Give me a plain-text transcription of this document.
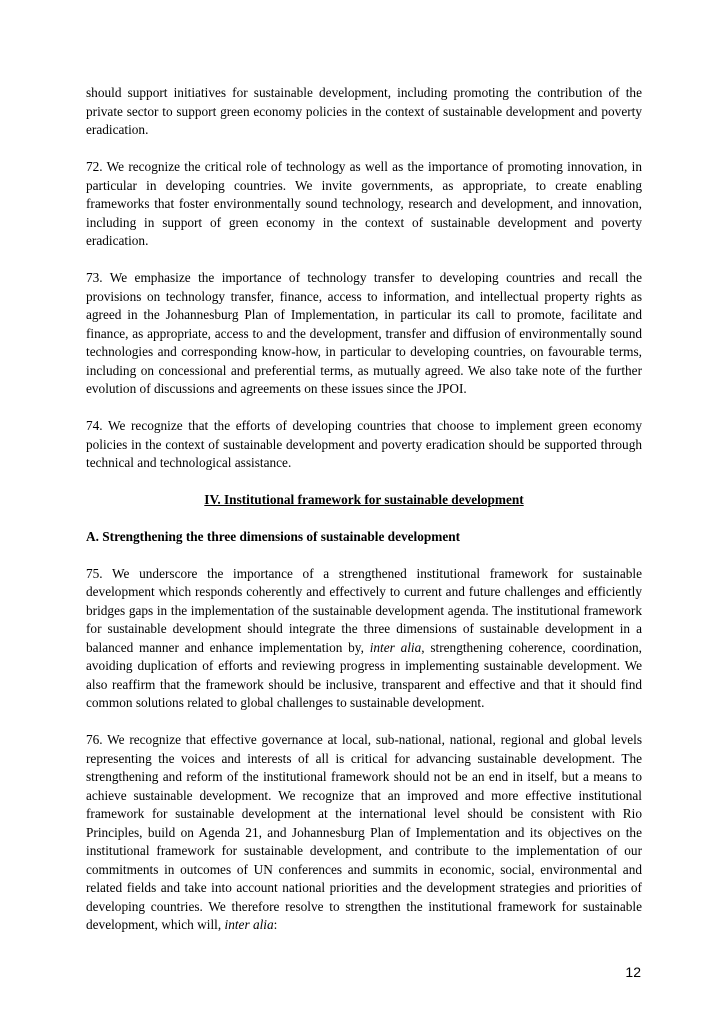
should support initiatives for sustainable development, including promoting the contribution of the private sector to support green economy policies in the context of sustainable development and poverty eradication.

72. We recognize the critical role of technology as well as the importance of promoting innovation, in particular in developing countries. We invite governments, as appropriate, to create enabling frameworks that foster environmentally sound technology, research and development, and innovation, including in support of green economy in the context of sustainable development and poverty eradication.

73. We emphasize the importance of technology transfer to developing countries and recall the provisions on technology transfer, finance, access to information, and intellectual property rights as agreed in the Johannesburg Plan of Implementation, in particular its call to promote, facilitate and finance, as appropriate, access to and the development, transfer and diffusion of environmentally sound technologies and corresponding know-how, in particular to developing countries, on favourable terms, including on concessional and preferential terms, as mutually agreed. We also take note of the further evolution of discussions and agreements on these issues since the JPOI.

74. We recognize that the efforts of developing countries that choose to implement green economy policies in the context of sustainable development and poverty eradication should be supported through technical and technological assistance.

IV. Institutional framework for sustainable development
A. Strengthening the three dimensions of sustainable development

75. We underscore the importance of a strengthened institutional framework for sustainable development which responds coherently and effectively to current and future challenges and efficiently bridges gaps in the implementation of the sustainable development agenda. The institutional framework for sustainable development should integrate the three dimensions of sustainable development in a balanced manner and enhance implementation by, inter alia, strengthening coherence, coordination, avoiding duplication of efforts and reviewing progress in implementing sustainable development. We also reaffirm that the framework should be inclusive, transparent and effective and that it should find common solutions related to global challenges to sustainable development.

76. We recognize that effective governance at local, sub-national, national, regional and global levels representing the voices and interests of all is critical for advancing sustainable development. The strengthening and reform of the institutional framework should not be an end in itself, but a means to achieve sustainable development. We recognize that an improved and more effective institutional framework for sustainable development at the international level should be consistent with Rio Principles, build on Agenda 21, and Johannesburg Plan of Implementation and its objectives on the institutional framework for sustainable development, and contribute to the implementation of our commitments in outcomes of UN conferences and summits in economic, social, environmental and related fields and take into account national priorities and the development strategies and priorities of developing countries. We therefore resolve to strengthen the institutional framework for sustainable development, which will, inter alia:

12
